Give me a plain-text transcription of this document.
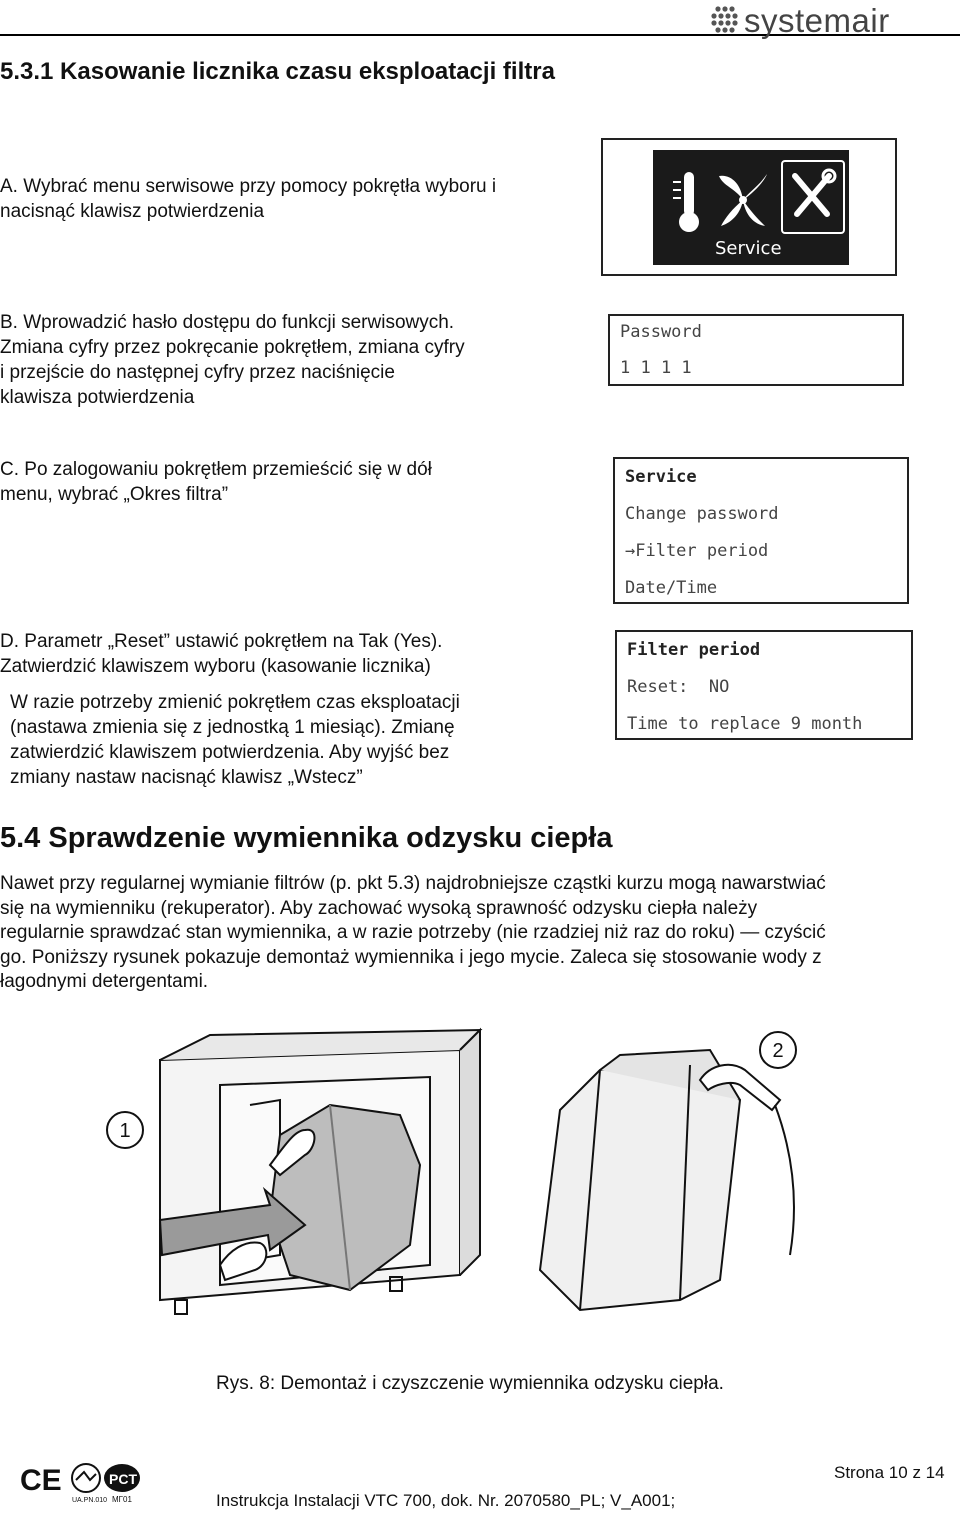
systemair
5.3.1 Kasowanie licznika czasu eksploatacji filtra
A. Wybrać menu serwisowe przy pomocy pokrętła wyboru i
nacisnąć klawisz potwierdzenia
Service
B. Wprowadzić hasło dostępu do funkcji serwisowych.
Zmiana cyfry przez pokręcanie pokrętłem, zmiana cyfry
i przejście do następnej cyfry przez naciśnięcie
klawisza potwierdzenia
Password
1 1 1 1
C. Po zalogowaniu pokrętłem przemieścić się w dół
menu, wybrać „Okres filtra”
Service
Change password
→Filter period
Date/Time
D. Parametr „Reset” ustawić pokrętłem na Tak (Yes).
Zatwierdzić klawiszem wyboru (kasowanie licznika)
W razie potrzeby zmienić pokrętłem czas eksploatacji
(nastawa zmienia się z jednostką 1 miesiąc). Zmianę
zatwierdzić klawiszem potwierdzenia. Aby wyjść bez
zmiany nastaw nacisnąć klawisz „Wstecz”
Filter period
Reset:  NO
Time to replace 9 month
5.4 Sprawdzenie wymiennika odzysku ciepła
Nawet przy regularnej wymianie filtrów (p. pkt 5.3) najdrobniejsze cząstki kurzu mogą nawarstwiać
się na wymienniku (rekuperator). Aby zachować wysoką sprawność odzysku ciepła należy
regularnie sprawdzać stan wymiennika, a w razie potrzeby (nie rzadziej niż raz do roku) — czyścić
go. Poniższy rysunek pokazuje demontaż wymiennika i jego mycie. Zaleca się stosowanie wody z
łagodnymi detergentami.
1
2
Rys. 8: Demontaż i czyszczenie wymiennika odzysku ciepła.
CE
UA.PN.010
PCT
MГ01
Strona 10 z 14
Instrukcja Instalacji VTC 700, dok. Nr. 2070580_PL; V_A001;
